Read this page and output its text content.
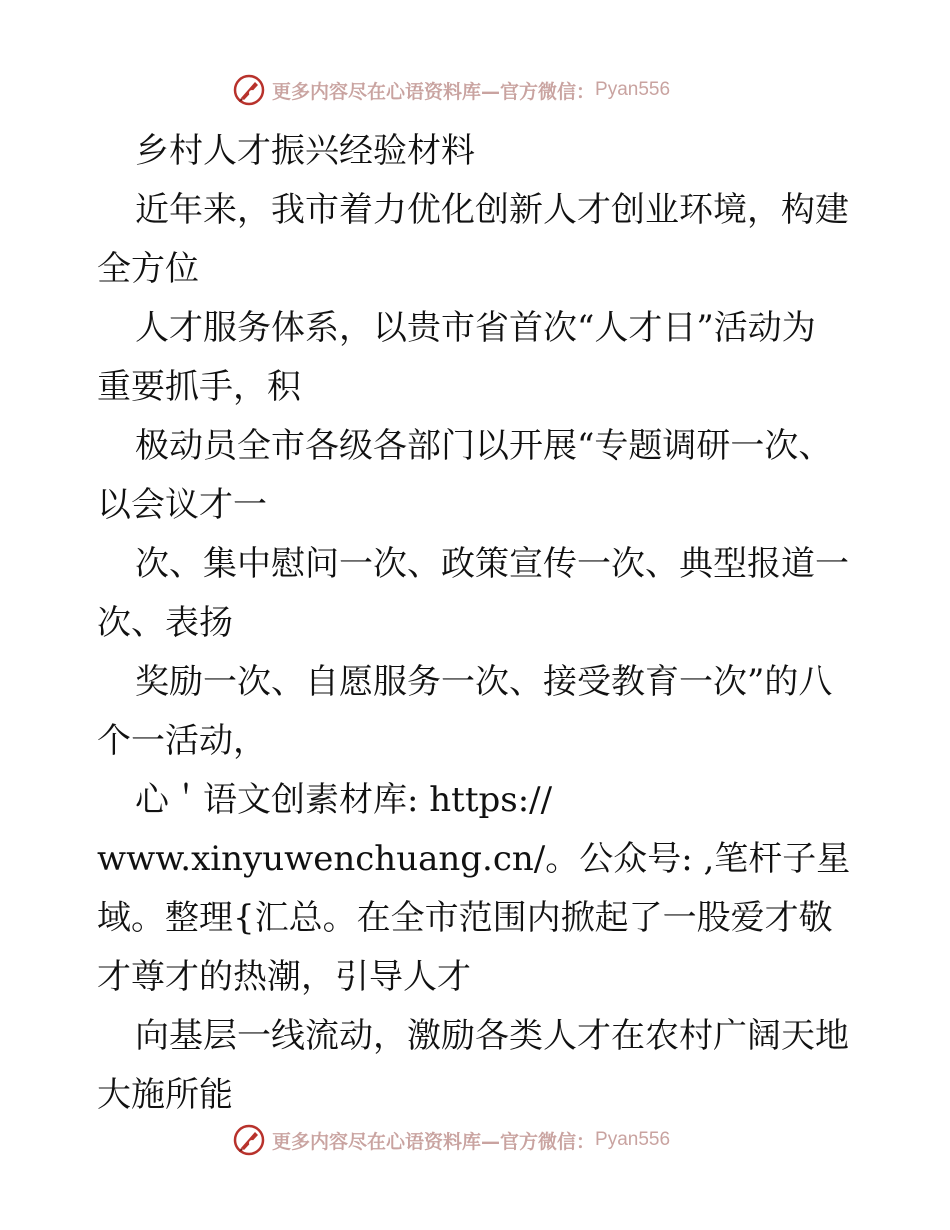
更多内容尽在心语资料库—官方微信： Pyan556
乡村人才振兴经验材料
近年来，我市着力优化创新人才创业环境，构建
全方位
人才服务体系，以贵市省首次“人才日”活动为
重要抓手，积
极动员全市各级各部门以开展“专题调研一次、
以会议才一
次、集中慰问一次、政策宣传一次、典型报道一
次、表扬
奖励一次、自愿服务一次、接受教育一次”的八
个一活动，
心＇语文创素材库: https://
www.xinyuwenchuang.cn/。公众号: ,笔杆子星
域。整理{汇总。在全市范围内掀起了一股爱才敬
才尊才的热潮，引导人才
向基层一线流动，激励各类人才在农村广阔天地
大施所能
更多内容尽在心语资料库—官方微信： Pyan556
